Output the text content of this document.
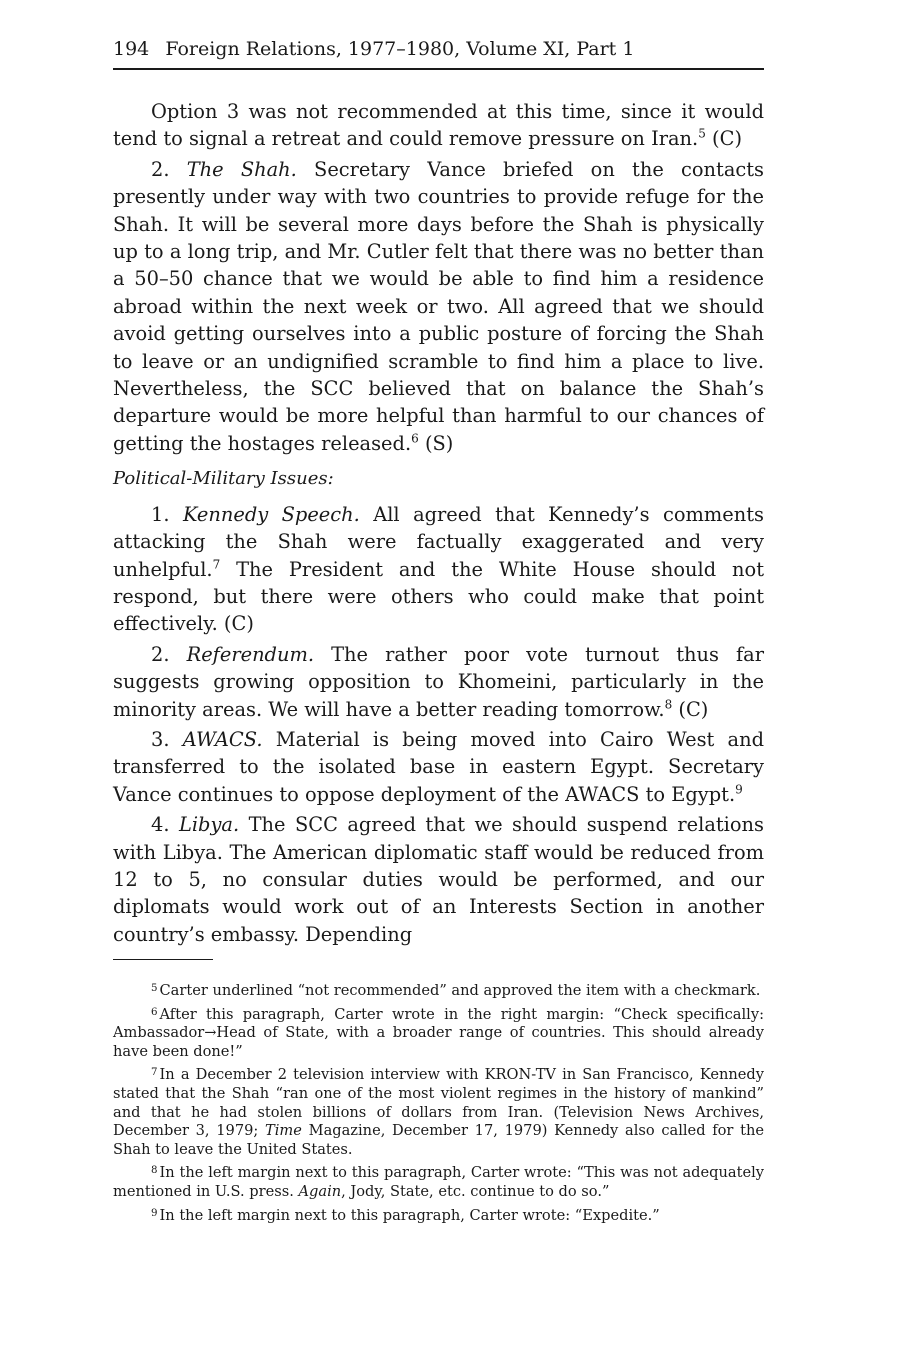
194 Foreign Relations, 1977–1980, Volume XI, Part 1

Option 3 was not recommended at this time, since it would tend to signal a retreat and could remove pressure on Iran.$^5$ (C)

2. The Shah. Secretary Vance briefed on the contacts presently under way with two countries to provide refuge for the Shah. It will be several more days before the Shah is physically up to a long trip, and Mr. Cutler felt that there was no better than a 50–50 chance that we would be able to find him a residence abroad within the next week or two. All agreed that we should avoid getting ourselves into a public posture of forcing the Shah to leave or an undignified scramble to find him a place to live. Nevertheless, the SCC believed that on balance the Shah’s departure would be more helpful than harmful to our chances of getting the hostages released.$^6$ (S)

Political-Military Issues:

1. Kennedy Speech. All agreed that Kennedy’s comments attacking the Shah were factually exaggerated and very unhelpful.$^7$ The President and the White House should not respond, but there were others who could make that point effectively. (C)

2. Referendum. The rather poor vote turnout thus far suggests growing opposition to Khomeini, particularly in the minority areas. We will have a better reading tomorrow.$^8$ (C)

3. AWACS. Material is being moved into Cairo West and transferred to the isolated base in eastern Egypt. Secretary Vance continues to oppose deployment of the AWACS to Egypt.$^9$

4. Libya. The SCC agreed that we should suspend relations with Libya. The American diplomatic staff would be reduced from 12 to 5, no consular duties would be performed, and our diplomats would work out of an Interests Section in another country’s embassy. Depending

$^5$ Carter underlined “not recommended” and approved the item with a checkmark.

$^6$ After this paragraph, Carter wrote in the right margin: “Check specifically: Ambassador→Head of State, with a broader range of countries. This should already have been done!”

$^7$ In a December 2 television interview with KRON-TV in San Francisco, Kennedy stated that the Shah “ran one of the most violent regimes in the history of mankind” and that he had stolen billions of dollars from Iran. (Television News Archives, December 3, 1979; Time Magazine, December 17, 1979) Kennedy also called for the Shah to leave the United States.

$^8$ In the left margin next to this paragraph, Carter wrote: “This was not adequately mentioned in U.S. press. Again, Jody, State, etc. continue to do so.”

$^9$ In the left margin next to this paragraph, Carter wrote: “Expedite.”
